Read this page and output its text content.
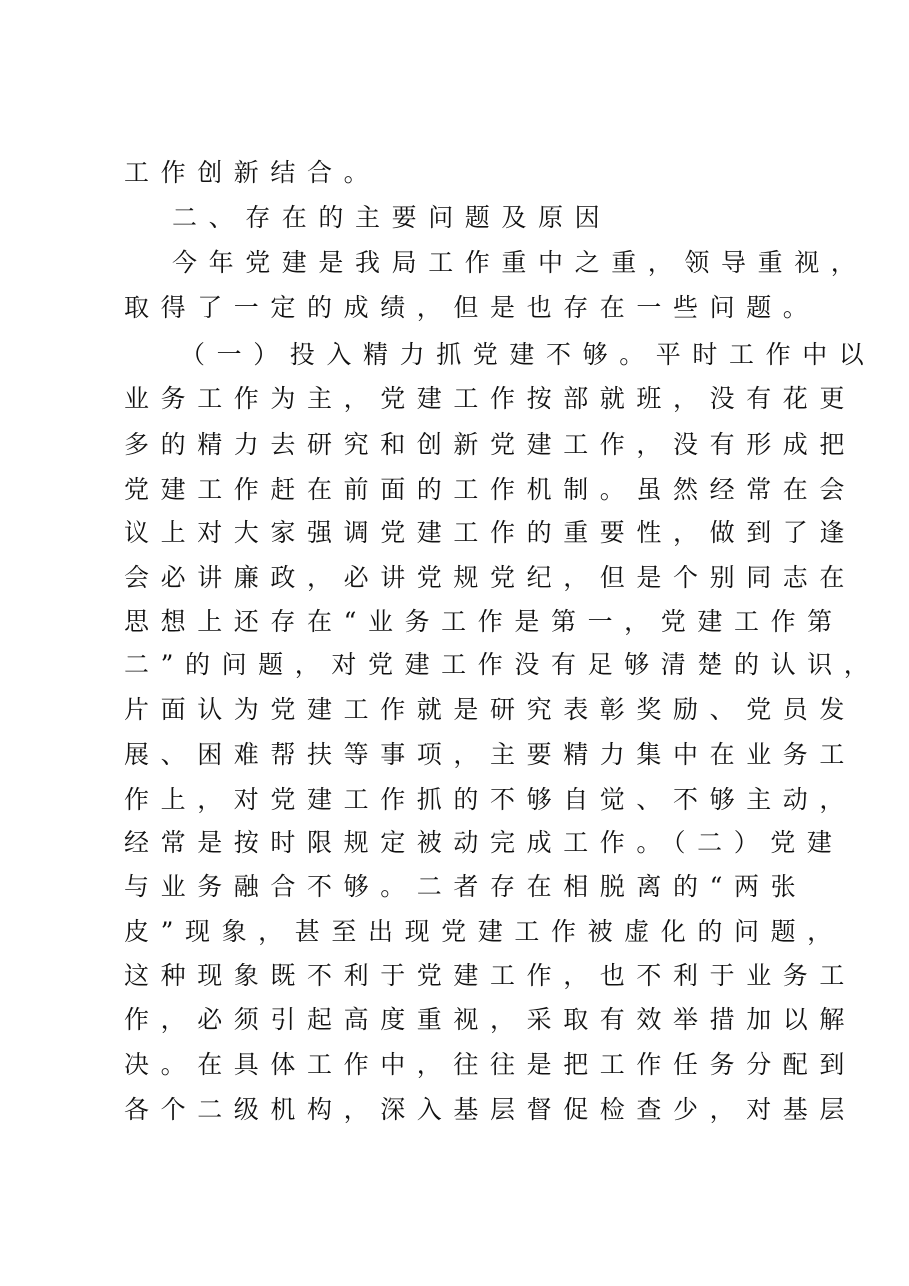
工作创新结合。
二、存在的主要问题及原因
今年党建是我局工作重中之重，领导重视，
取得了一定的成绩，但是也存在一些问题。
（一）投入精力抓党建不够。平时工作中以
业务工作为主，党建工作按部就班，没有花更
多的精力去研究和创新党建工作，没有形成把
党建工作赶在前面的工作机制。虽然经常在会
议上对大家强调党建工作的重要性，做到了逢
会必讲廉政，必讲党规党纪，但是个别同志在
思想上还存在“业务工作是第一，党建工作第
二”的问题，对党建工作没有足够清楚的认识，
片面认为党建工作就是研究表彰奖励、党员发
展、困难帮扶等事项，主要精力集中在业务工
作上，对党建工作抓的不够自觉、不够主动，
经常是按时限规定被动完成工作。（二）党建
与业务融合不够。二者存在相脱离的“两张
皮”现象，甚至出现党建工作被虚化的问题，
这种现象既不利于党建工作，也不利于业务工
作，必须引起高度重视，采取有效举措加以解
决。在具体工作中，往往是把工作任务分配到
各个二级机构，深入基层督促检查少，对基层
